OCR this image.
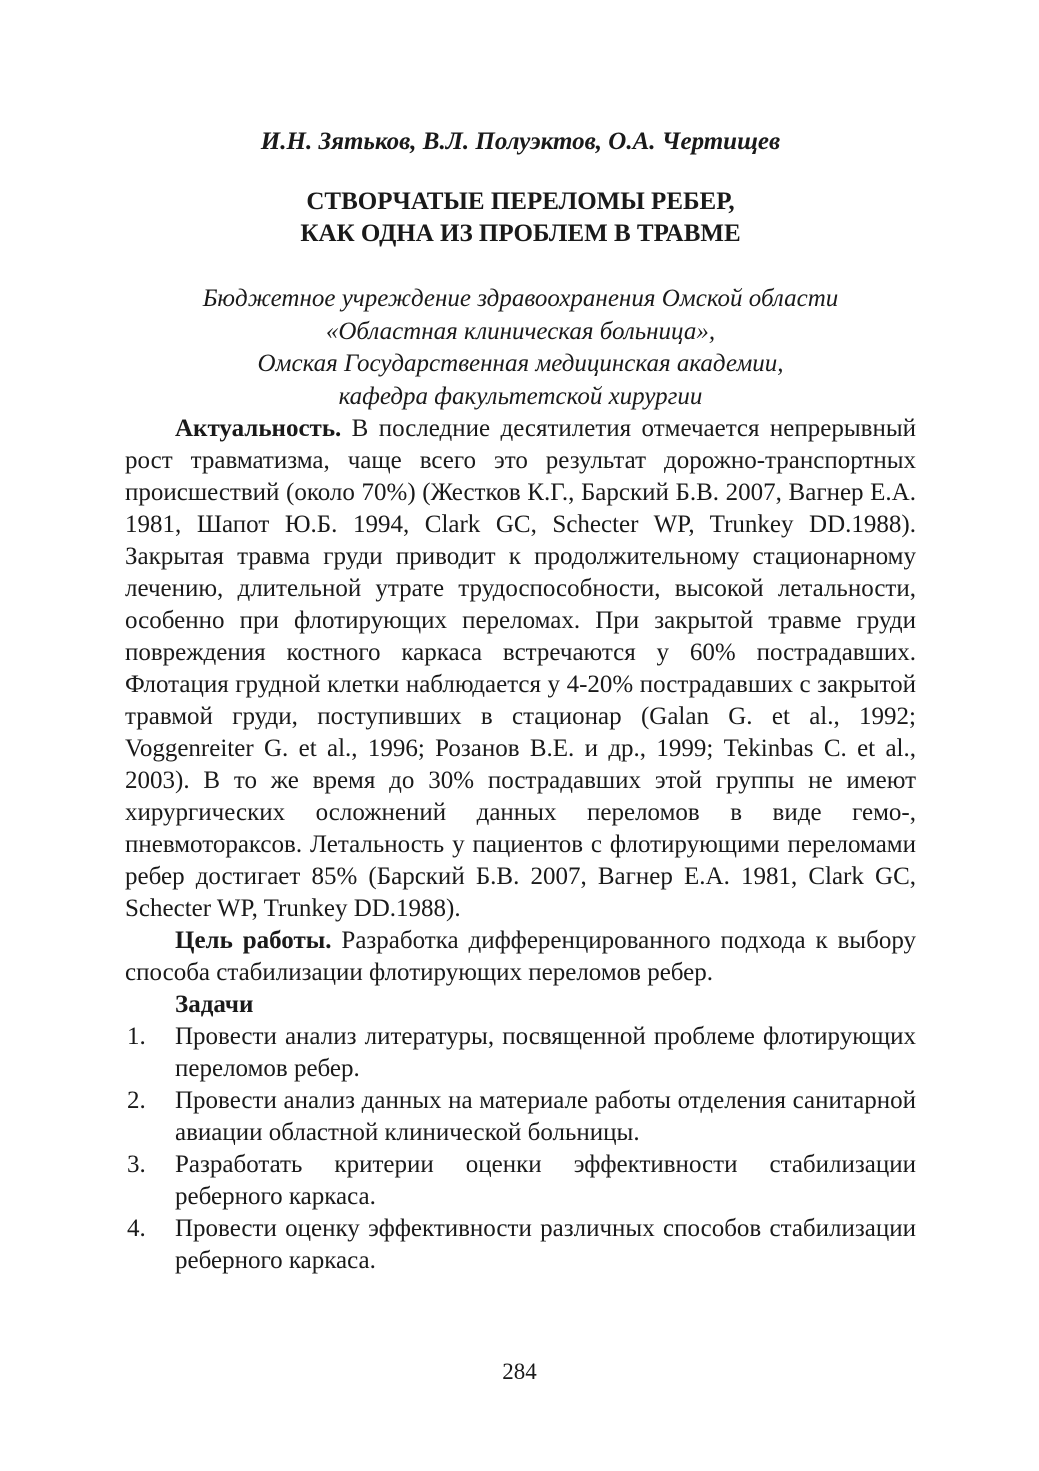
И.Н. Зятьков, В.Л. Полуэктов, О.А. Чертищев
СТВОРЧАТЫЕ ПЕРЕЛОМЫ РЕБЕР,
КАК ОДНА ИЗ ПРОБЛЕМ В ТРАВМЕ
Бюджетное учреждение здравоохранения Омской области
«Областная клиническая больница»,
Омская Государственная медицинская академии,
кафедра факультетской хирургии

Актуальность. В последние десятилетия отмечается непрерывный рост травматизма, чаще всего это результат дорожно-транспортных происшествий (около 70%) (Жестков К.Г., Барский Б.В. 2007, Вагнер Е.А. 1981, Шапот Ю.Б. 1994, Clark GC, Schecter WP, Trunkey DD.1988). Закрытая травма груди приводит к продолжительному стационарному лечению, длительной утрате трудоспособности, высокой летальности, особенно при флотирующих переломах. При закрытой травме груди повреждения костного каркаса встречаются у 60% пострадавших. Флотация грудной клетки наблюдается у 4-20% пострадавших с закрытой травмой груди, поступивших в стационар (Galan G. et al., 1992; Voggenreiter G. et al., 1996; Розанов В.Е. и др., 1999; Tekinbas C. et al., 2003). В то же время до 30% пострадавших этой группы не имеют хирургических осложнений данных переломов в виде гемо-, пневмотораксов. Летальность у пациентов с флотирующими переломами ребер достигает 85% (Барский Б.В. 2007, Вагнер Е.А. 1981, Clark GC, Schecter WP, Trunkey DD.1988).

Цель работы. Разработка дифференцированного подхода к выбору способа стабилизации флотирующих переломов ребер.

Задачи

1. Провести анализ литературы, посвященной проблеме флотирующих переломов ребер.
2. Провести анализ данных на материале работы отделения санитарной авиации областной клинической больницы.
3. Разработать критерии оценки эффективности стабилизации реберного каркаса.
4. Провести оценку эффективности различных способов стабилизации реберного каркаса.
284
